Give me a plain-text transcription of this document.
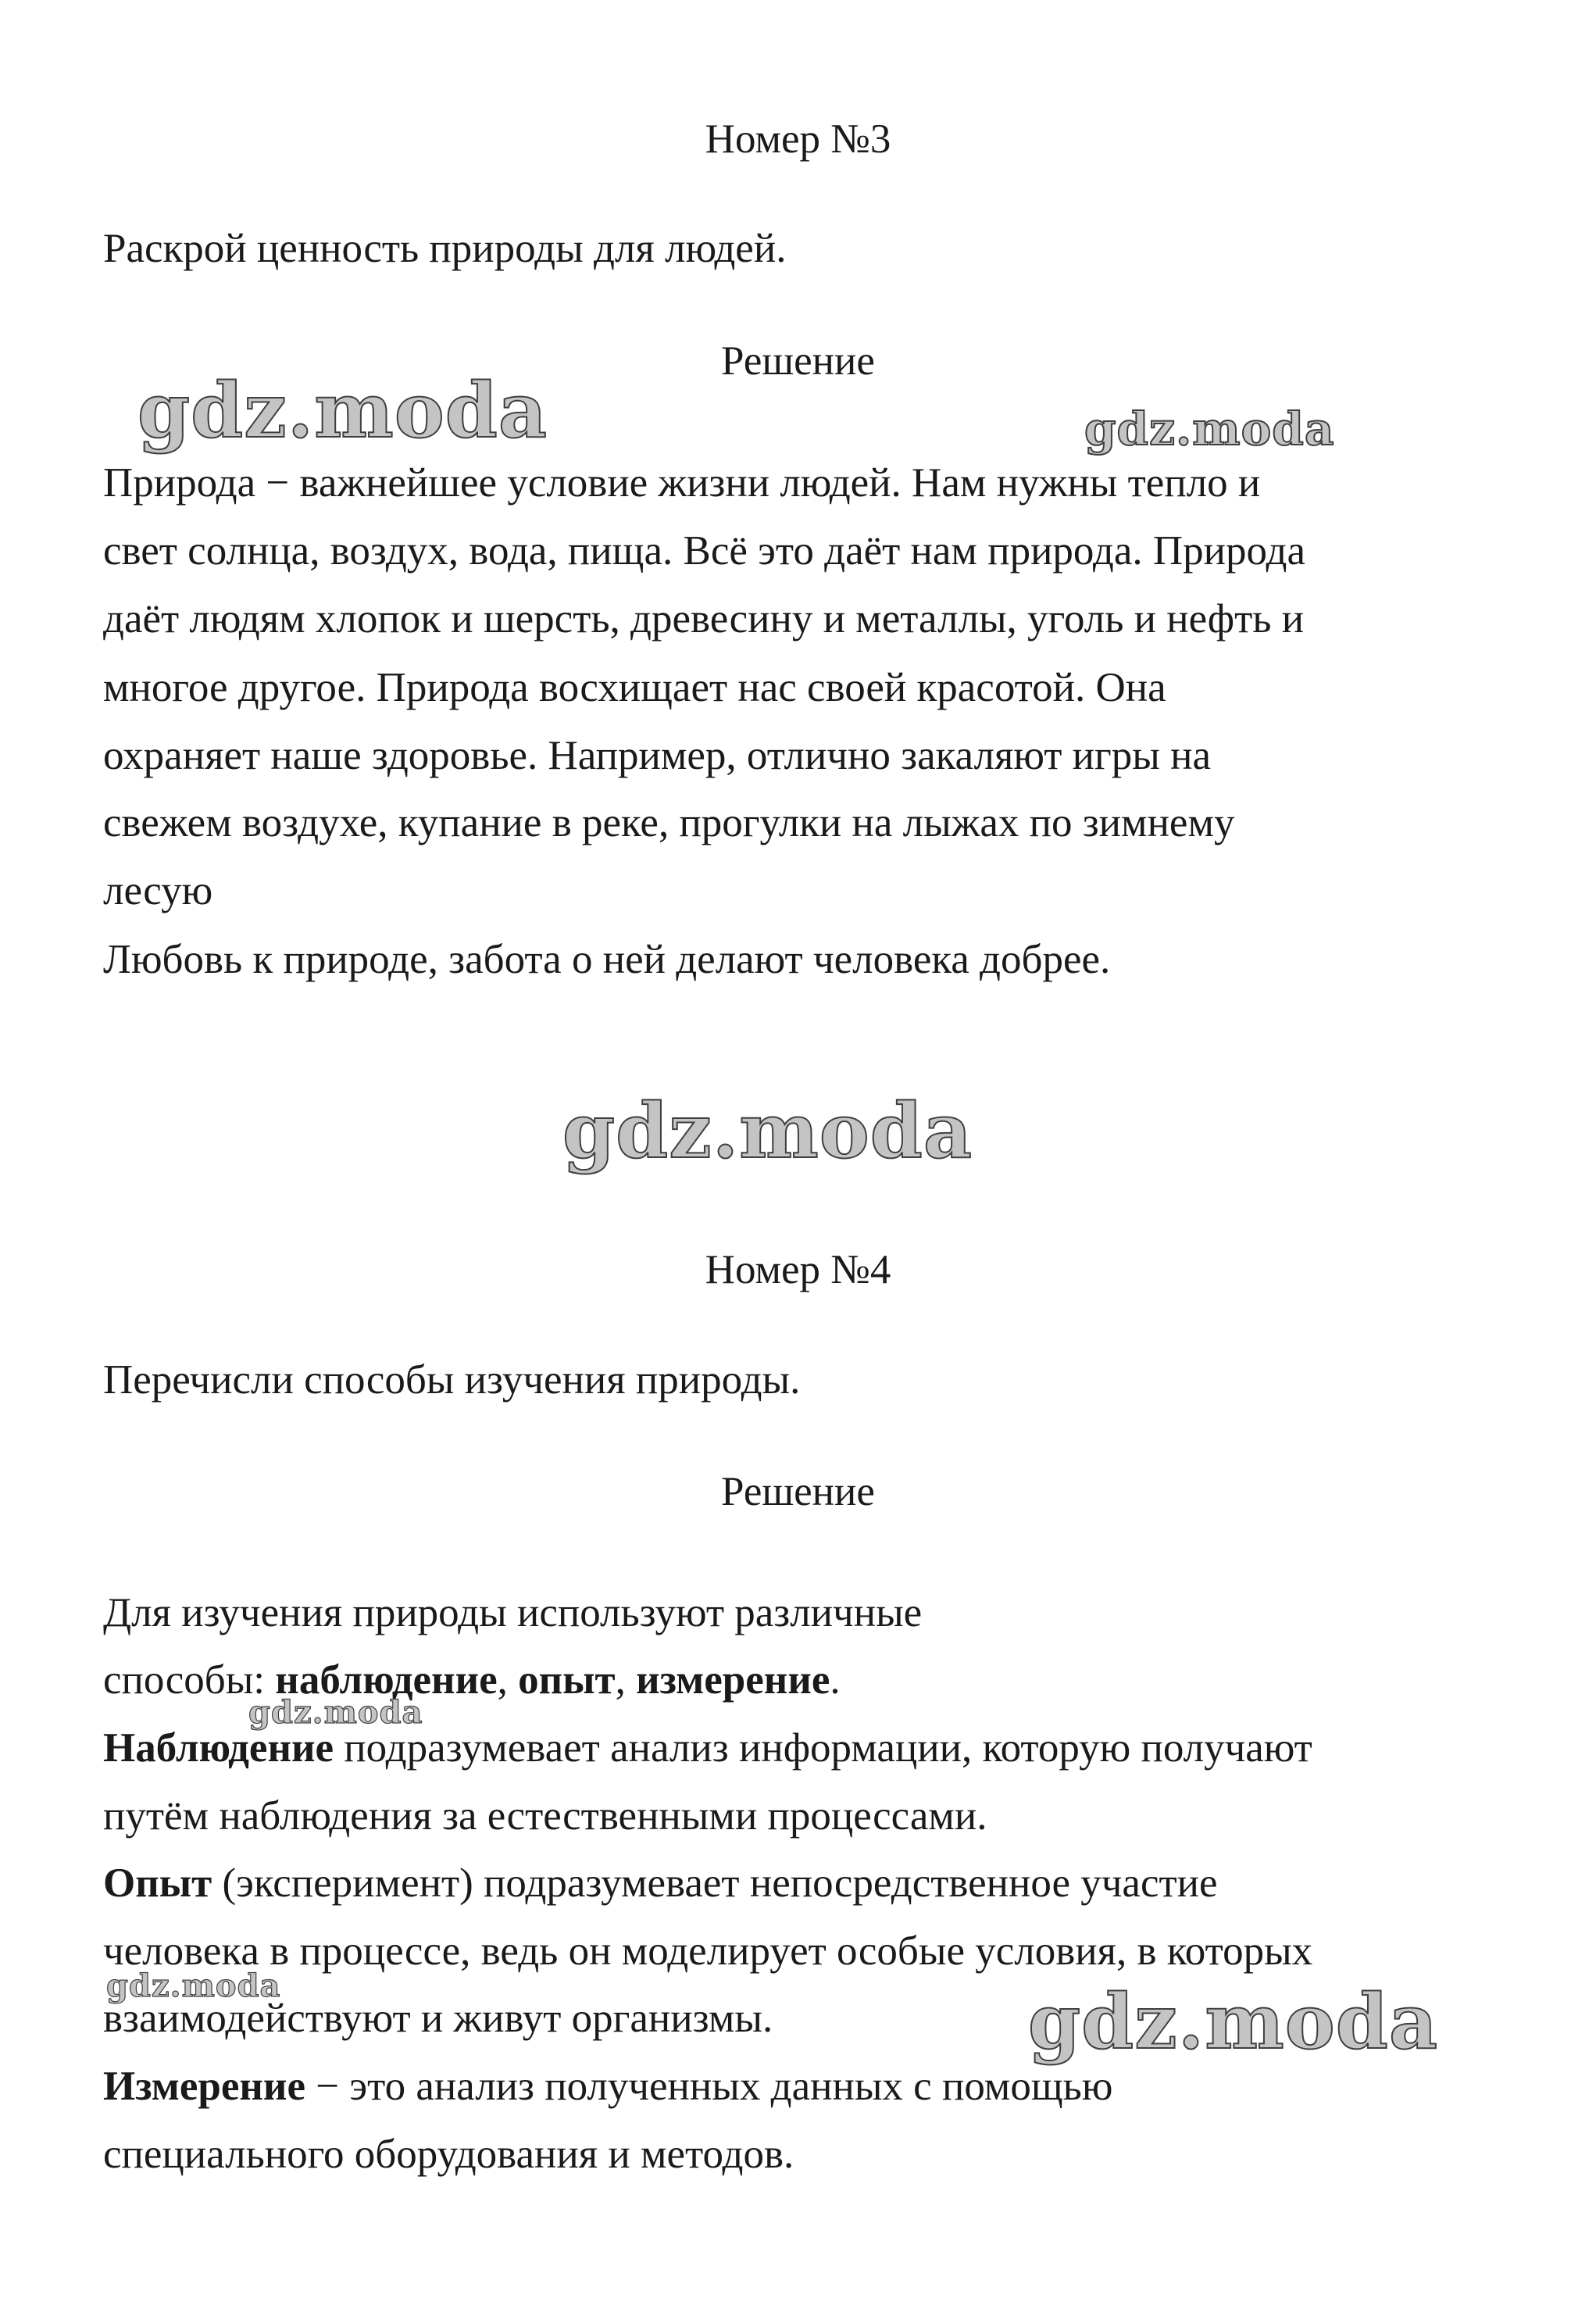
Номер №3
Раскрой ценность природы для людей.
Решение
Природа − важнейшее условие жизни людей. Нам нужны тепло и
свет солнца, воздух, вода, пища. Всё это даёт нам природа. Природа
даёт людям хлопок и шерсть, древесину и металлы, уголь и нефть и
многое другое. Природа восхищает нас своей красотой. Она
охраняет наше здоровье. Например, отлично закаляют игры на
свежем воздухе, купание в реке, прогулки на лыжах по зимнему
лесую
Любовь к природе, забота о ней делают человека добрее.
Номер №4
Перечисли способы изучения природы.
Решение
Для изучения природы используют различные
способы: наблюдение, опыт, измерение.
Наблюдение подразумевает анализ информации, которую получают
путём наблюдения за естественными процессами.
Опыт (эксперимент) подразумевает непосредственное участие
человека в процессе, ведь он моделирует особые условия, в которых
взаимодействуют и живут организмы.
Измерение − это анализ полученных данных с помощью
специального оборудования и методов.
gdz.moda	gdz.moda
gdz.moda
gdz.moda
gdz.moda	gdz.moda
